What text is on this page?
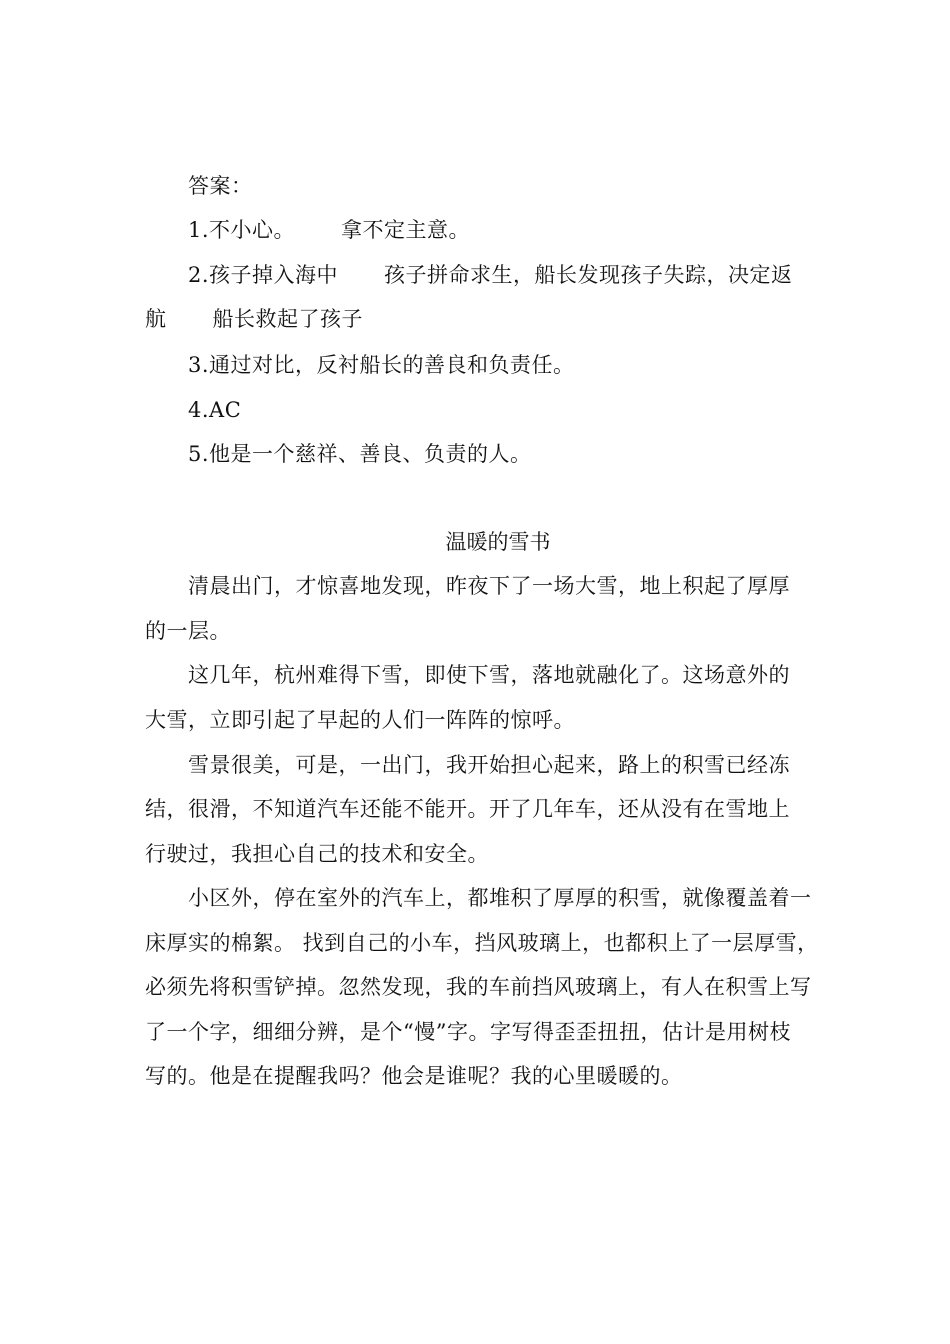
答案：

1.不小心。 拿不定主意。

2.孩子掉入海中 孩子拼命求生，船长发现孩子失踪，决定返

航 船长救起了孩子

3.通过对比，反衬船长的善良和负责任。

4.AC

5.他是一个慈祥、善良、负责的人。

温暖的雪书

清晨出门，才惊喜地发现，昨夜下了一场大雪，地上积起了厚厚

的一层。

这几年，杭州难得下雪，即使下雪，落地就融化了。这场意外的

大雪，立即引起了早起的人们一阵阵的惊呼。

雪景很美，可是，一出门，我开始担心起来，路上的积雪已经冻

结，很滑，不知道汽车还能不能开。开了几年车，还从没有在雪地上

行驶过，我担心自己的技术和安全。

小区外，停在室外的汽车上，都堆积了厚厚的积雪，就像覆盖着一

床厚实的棉絮。 找到自己的小车，挡风玻璃上，也都积上了一层厚雪，

必须先将积雪铲掉。忽然发现，我的车前挡风玻璃上，有人在积雪上写

了一个字，细细分辨，是个“慢”字。字写得歪歪扭扭，估计是用树枝

写的。他是在提醒我吗？他会是谁呢？我的心里暖暖的。
